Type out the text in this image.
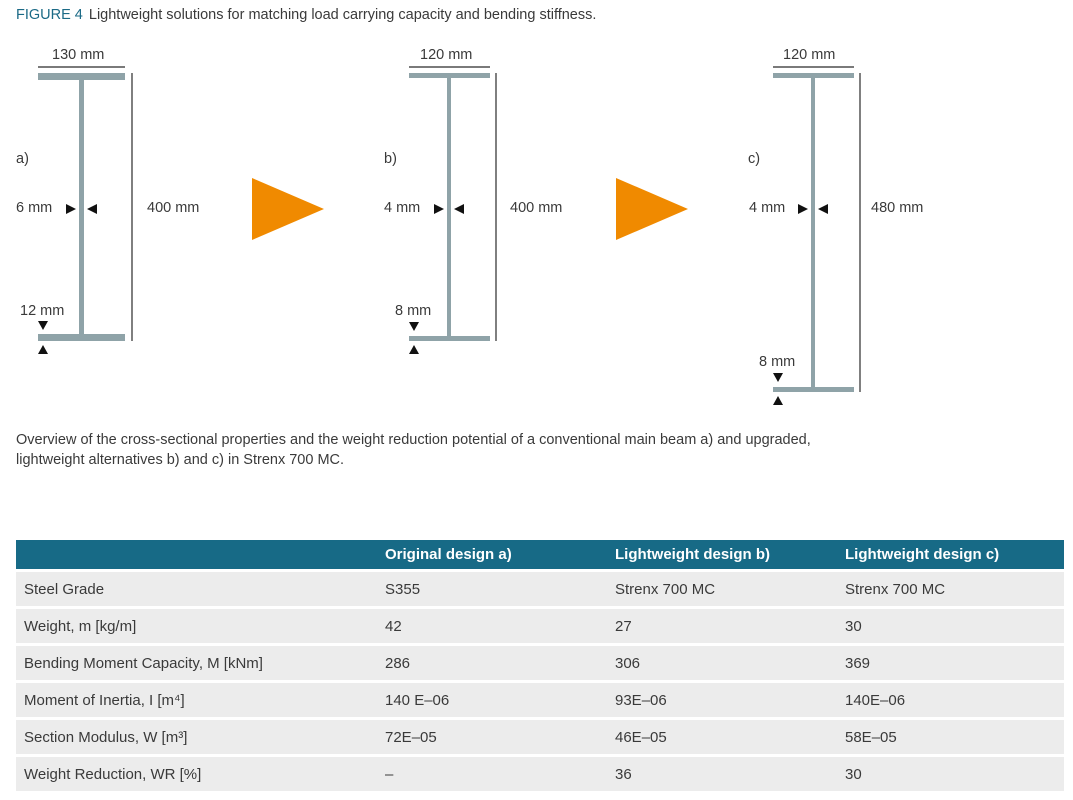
FIGURE 4 Lightweight solutions for matching load carrying capacity and bending stiffness.
130 mm
a)
6 mm	400 mm
12 mm
120 mm
b)
4 mm	400 mm
8 mm
120 mm
c)
4 mm	480 mm
8 mm
Overview of the cross-sectional properties and the weight reduction potential of a conventional main beam a) and upgraded, lightweight alternatives b) and c) in Strenx 700 MC.
	Original design a)	Lightweight design b)	Lightweight design c)
Steel Grade	S355	Strenx 700 MC	Strenx 700 MC
Weight, m [kg/m]	42	27	30
Bending Moment Capacity, M [kNm]	286	306	369
Moment of Inertia, I [m⁴]	140 E–06	93E–06	140E–06
Section Modulus, W [m³]	72E–05	46E–05	58E–05
Weight Reduction, WR [%]	–	36	30
